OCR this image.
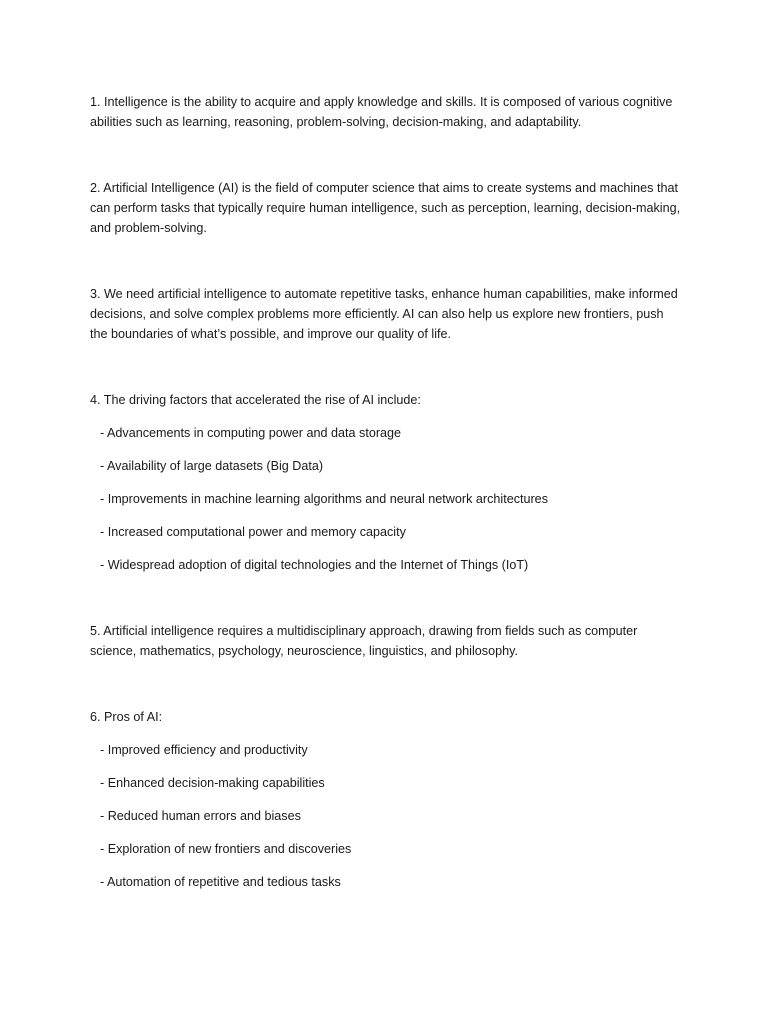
1. Intelligence is the ability to acquire and apply knowledge and skills. It is composed of various cognitive abilities such as learning, reasoning, problem-solving, decision-making, and adaptability.

2. Artificial Intelligence (AI) is the field of computer science that aims to create systems and machines that can perform tasks that typically require human intelligence, such as perception, learning, decision-making, and problem-solving.

3. We need artificial intelligence to automate repetitive tasks, enhance human capabilities, make informed decisions, and solve complex problems more efficiently. AI can also help us explore new frontiers, push the boundaries of what’s possible, and improve our quality of life.

4. The driving factors that accelerated the rise of AI include:

- Advancements in computing power and data storage
- Availability of large datasets (Big Data)
- Improvements in machine learning algorithms and neural network architectures
- Increased computational power and memory capacity
- Widespread adoption of digital technologies and the Internet of Things (IoT)

5. Artificial intelligence requires a multidisciplinary approach, drawing from fields such as computer science, mathematics, psychology, neuroscience, linguistics, and philosophy.

6. Pros of AI:

- Improved efficiency and productivity
- Enhanced decision-making capabilities
- Reduced human errors and biases
- Exploration of new frontiers and discoveries
- Automation of repetitive and tedious tasks
